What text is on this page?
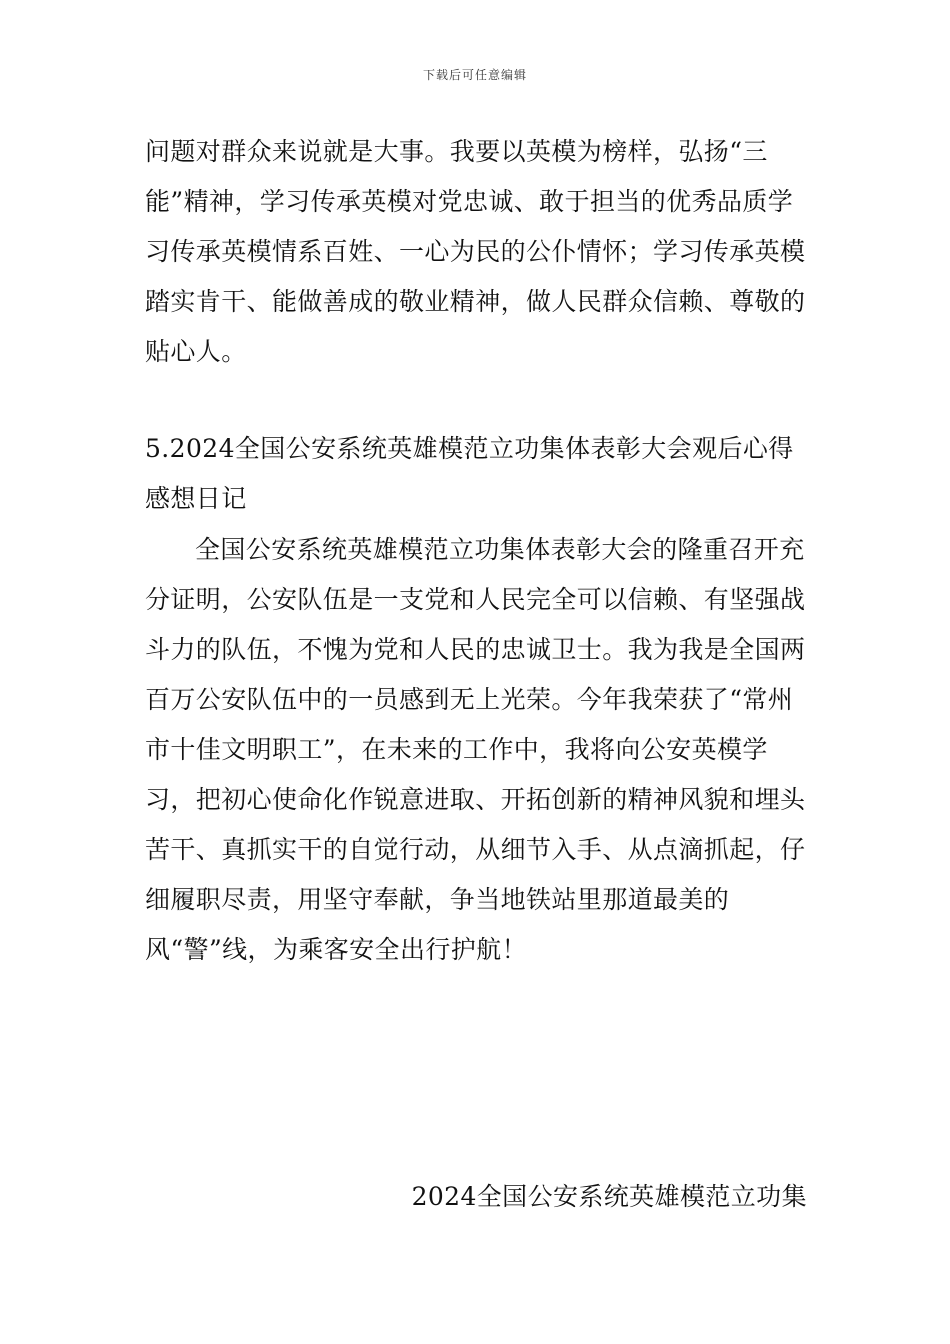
下载后可任意编辑

问题对群众来说就是大事。我要以英模为榜样，弘扬“三能”精神，学习传承英模对党忠诚、敢于担当的优秀品质学习传承英模情系百姓、一心为民的公仆情怀；学习传承英模踏实肯干、能做善成的敬业精神，做人民群众信赖、尊敬的贴心人。

5.2024全国公安系统英雄模范立功集体表彰大会观后心得感想日记

全国公安系统英雄模范立功集体表彰大会的隆重召开充分证明，公安队伍是一支党和人民完全可以信赖、有坚强战斗力的队伍，不愧为党和人民的忠诚卫士。我为我是全国两百万公安队伍中的一员感到无上光荣。今年我荣获了“常州市十佳文明职工”，在未来的工作中，我将向公安英模学习，把初心使命化作锐意进取、开拓创新的精神风貌和埋头苦干、真抓实干的自觉行动，从细节入手、从点滴抓起，仔细履职尽责，用坚守奉献，争当地铁站里那道最美的风“警”线，为乘客安全出行护航！

2024全国公安系统英雄模范立功集
